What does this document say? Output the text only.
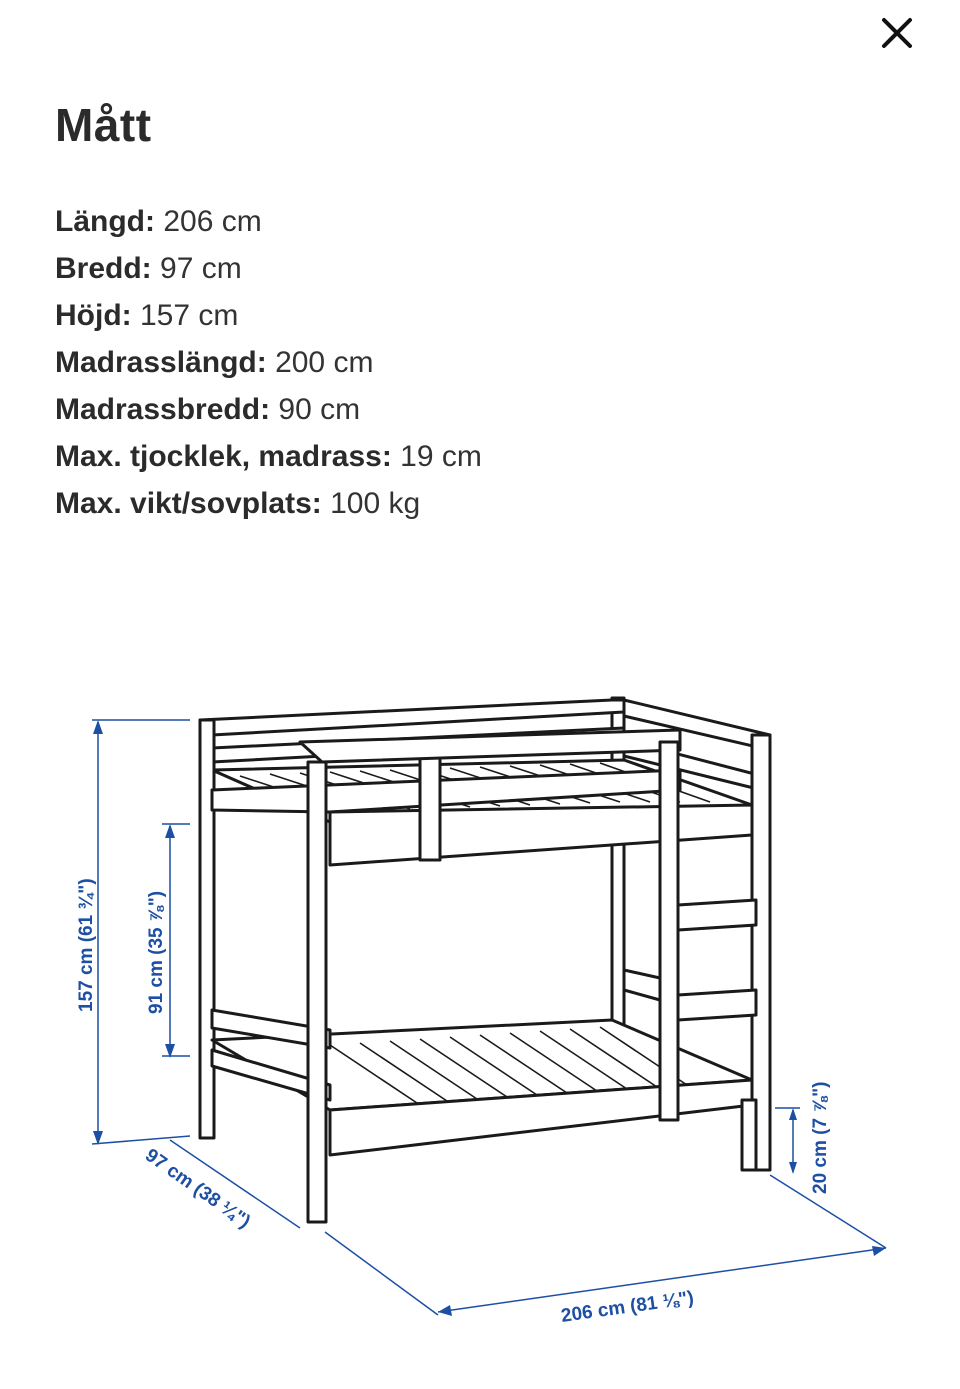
Mått
Längd: 206 cm
Bredd: 97 cm
Höjd: 157 cm
Madrasslängd: 200 cm
Madrassbredd: 90 cm
Max. tjocklek, madrass: 19 cm
Max. vikt/sovplats: 100 kg
157 cm (61 ¾")	91 cm (35 ⅞")
97 cm (38 ¼")
206 cm (81 ⅛")
20 cm (7 ⅞")
